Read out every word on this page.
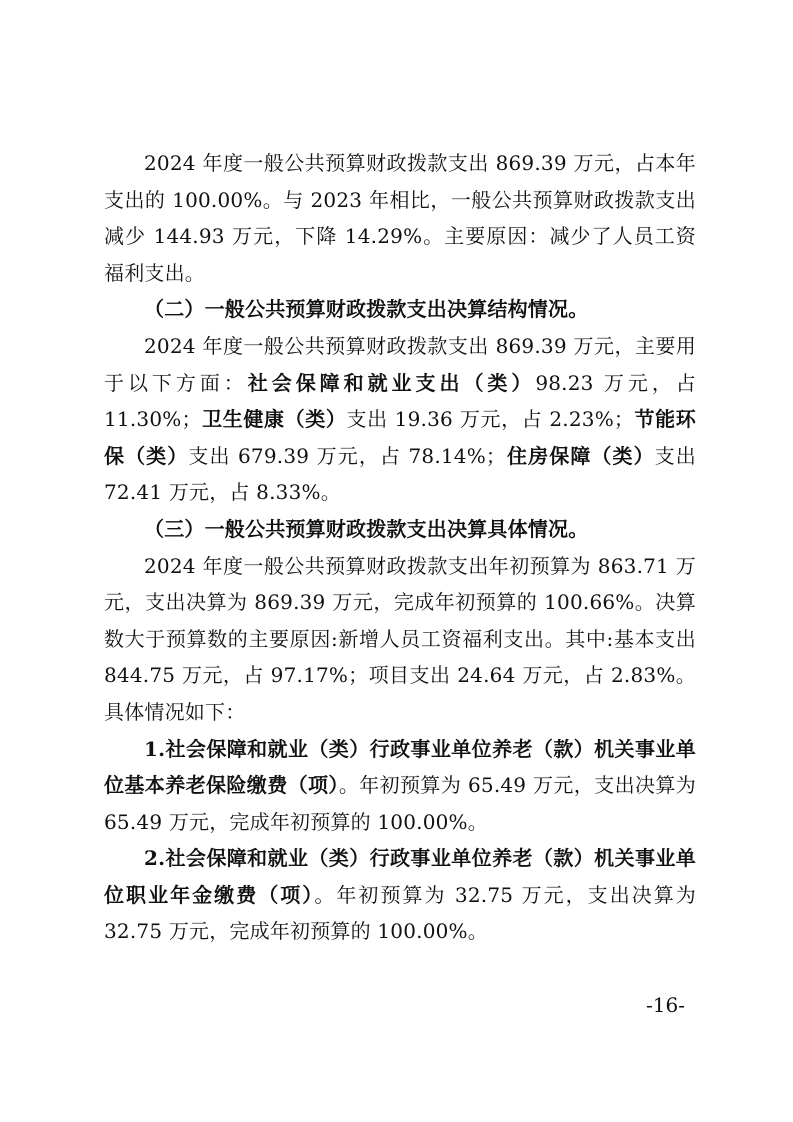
2024 年度一般公共预算财政拨款支出 869.39 万元，占本年支出的 100.00%。与 2023 年相比，一般公共预算财政拨款支出减少 144.93 万元，下降 14.29%。主要原因：减少了人员工资福利支出。

（二）一般公共预算财政拨款支出决算结构情况。

2024 年度一般公共预算财政拨款支出 869.39 万元，主要用于以下方面：社会保障和就业支出（类）98.23 万元，占 11.30%；卫生健康（类）支出 19.36 万元，占 2.23%；节能环保（类）支出 679.39 万元，占 78.14%；住房保障（类）支出 72.41 万元，占 8.33%。

（三）一般公共预算财政拨款支出决算具体情况。

2024 年度一般公共预算财政拨款支出年初预算为 863.71 万元，支出决算为 869.39 万元，完成年初预算的 100.66%。决算数大于预算数的主要原因:新增人员工资福利支出。其中:基本支出 844.75 万元，占 97.17%；项目支出 24.64 万元，占 2.83%。具体情况如下：

1.社会保障和就业（类）行政事业单位养老（款）机关事业单位基本养老保险缴费（项）。年初预算为 65.49 万元，支出决算为 65.49 万元，完成年初预算的 100.00%。

2.社会保障和就业（类）行政事业单位养老（款）机关事业单位职业年金缴费（项）。年初预算为 32.75 万元，支出决算为 32.75 万元，完成年初预算的 100.00%。

-16-
